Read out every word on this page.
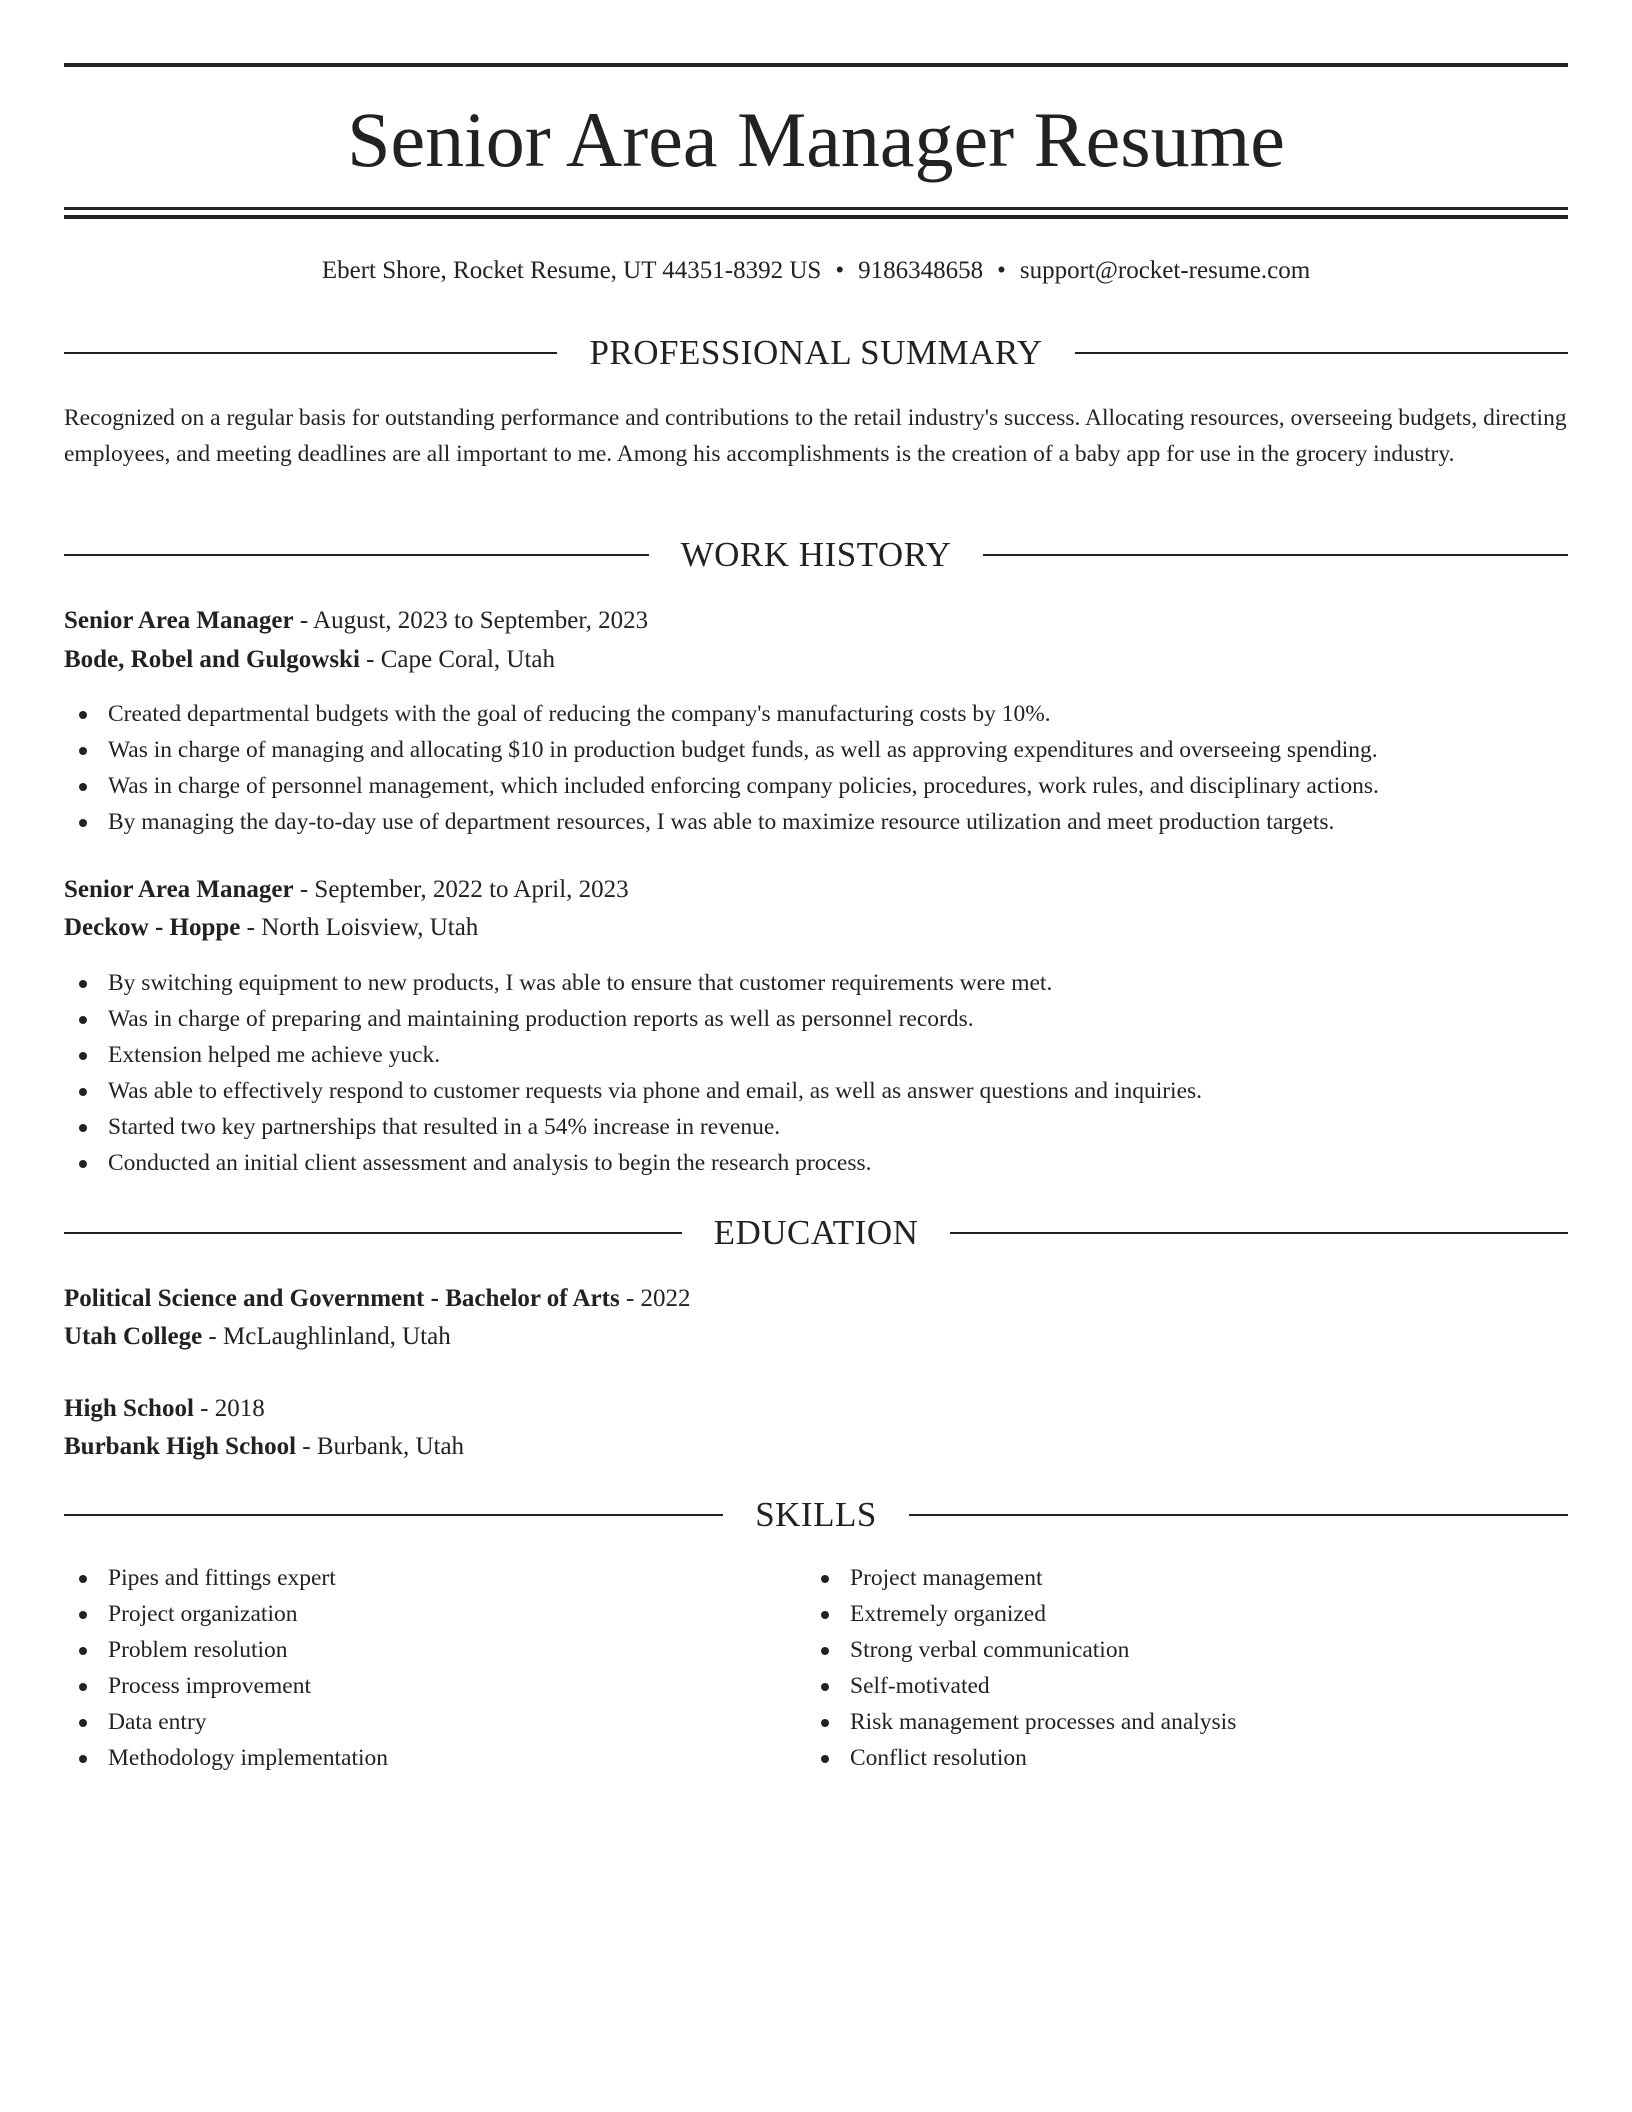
Senior Area Manager Resume
Ebert Shore, Rocket Resume, UT 44351-8392 US • 9186348658 • support@rocket-resume.com
PROFESSIONAL SUMMARY

Recognized on a regular basis for outstanding performance and contributions to the retail industry's success. Allocating resources, overseeing budgets, directing employees, and meeting deadlines are all important to me. Among his accomplishments is the creation of a baby app for use in the grocery industry.

WORK HISTORY
Senior Area Manager - August, 2023 to September, 2023
Bode, Robel and Gulgowski - Cape Coral, Utah
Created departmental budgets with the goal of reducing the company's manufacturing costs by 10%.
Was in charge of managing and allocating $10 in production budget funds, as well as approving expenditures and overseeing spending.
Was in charge of personnel management, which included enforcing company policies, procedures, work rules, and disciplinary actions.
By managing the day-to-day use of department resources, I was able to maximize resource utilization and meet production targets.
Senior Area Manager - September, 2022 to April, 2023
Deckow - Hoppe - North Loisview, Utah
By switching equipment to new products, I was able to ensure that customer requirements were met.
Was in charge of preparing and maintaining production reports as well as personnel records.
Extension helped me achieve yuck.
Was able to effectively respond to customer requests via phone and email, as well as answer questions and inquiries.
Started two key partnerships that resulted in a 54% increase in revenue.
Conducted an initial client assessment and analysis to begin the research process.
EDUCATION
Political Science and Government - Bachelor of Arts - 2022
Utah College - McLaughlinland, Utah
High School - 2018
Burbank High School - Burbank, Utah
SKILLS
Pipes and fittings expert
Project organization
Problem resolution
Process improvement
Data entry
Methodology implementation
Project management
Extremely organized
Strong verbal communication
Self-motivated
Risk management processes and analysis
Conflict resolution
